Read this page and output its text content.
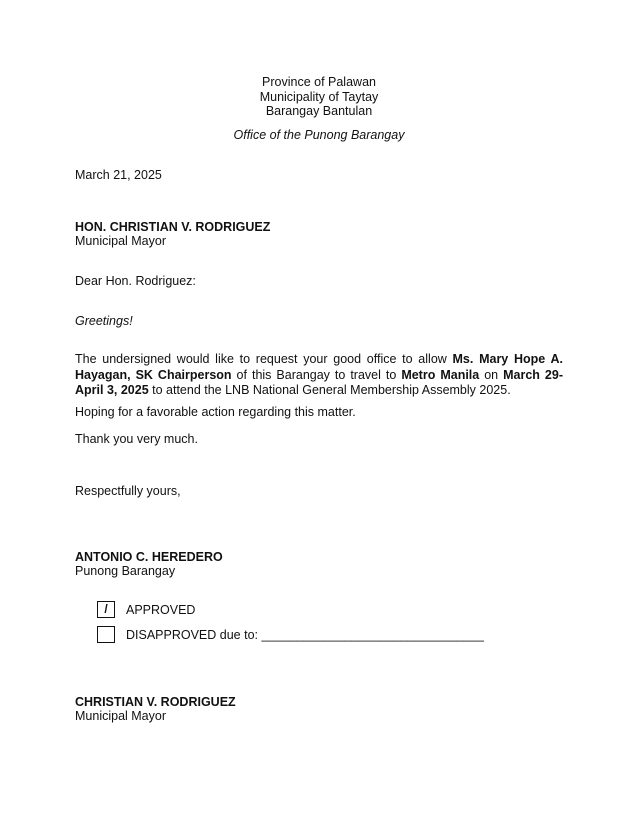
Province of Palawan
Municipality of Taytay
Barangay Bantulan
Office of the Punong Barangay
March 21, 2025
HON. CHRISTIAN V. RODRIGUEZ
Municipal Mayor
Dear Hon. Rodriguez:
Greetings!
The undersigned would like to request your good office to allow Ms. Mary Hope A. Hayagan, SK Chairperson of this Barangay to travel to Metro Manila on March 29-April 3, 2025 to attend the LNB National General Membership Assembly 2025.
Hoping for a favorable action regarding this matter.
Thank you very much.
Respectfully yours,
ANTONIO C. HEREDERO
Punong Barangay
/	APPROVED
DISAPPROVED due to: ________________________________
CHRISTIAN V. RODRIGUEZ
Municipal Mayor
